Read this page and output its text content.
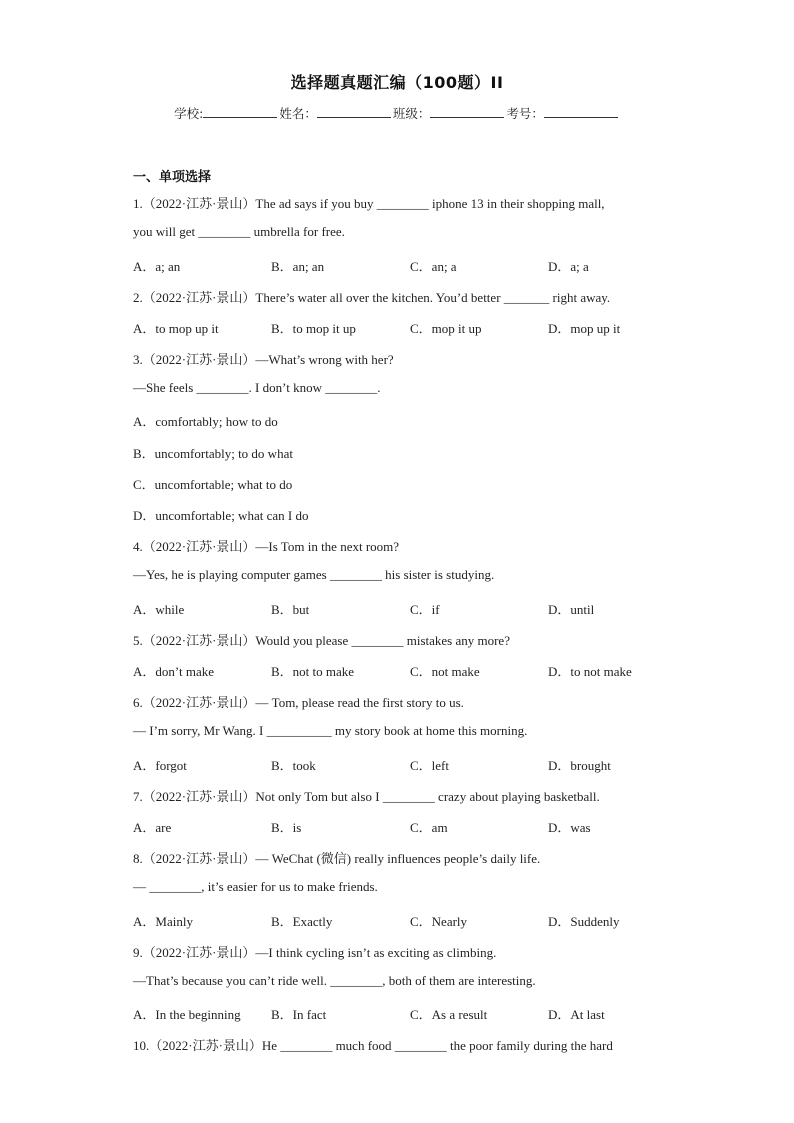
选择题真题汇编（100题）II
学校:	姓名：	班级：	考号：
一、单项选择
1.（2022·江苏·景山）The ad says if you buy ________ iphone 13 in their shopping mall,
you will get ________ umbrella for free.
A．a; an	B．an; an	C．an; a	D．a; a
2.（2022·江苏·景山）There’s water all over the kitchen. You’d better _______ right away.
A．to mop up it	B．to mop it up	C．mop it up	D．mop up it
3.（2022·江苏·景山）—What’s wrong with her?
—She feels ________. I don’t know ________.
A．comfortably; how to do
B．uncomfortably; to do what
C．uncomfortable; what to do
D．uncomfortable; what can I do
4.（2022·江苏·景山）—Is Tom in the next room?
—Yes, he is playing computer games ________ his sister is studying.
A．while	B．but	C．if	D．until
5.（2022·江苏·景山）Would you please ________ mistakes any more?
A．don’t make	B．not to make	C．not make	D．to not make
6.（2022·江苏·景山）— Tom, please read the first story to us.
— I’m sorry, Mr Wang. I __________ my story book at home this morning.
A．forgot	B．took	C．left	D．brought
7.（2022·江苏·景山）Not only Tom but also I ________ crazy about playing basketball.
A．are	B．is	C．am	D．was
8.（2022·江苏·景山）— WeChat (微信) really influences people’s daily life.
— ________, it’s easier for us to make friends.
A．Mainly	B．Exactly	C．Nearly	D．Suddenly
9.（2022·江苏·景山）—I think cycling isn’t as exciting as climbing.
—That’s because you can’t ride well. ________, both of them are interesting.
A．In the beginning B．In fact	C．As a result	D．At last
10.（2022·江苏·景山）He ________ much food ________ the poor family during the hard
